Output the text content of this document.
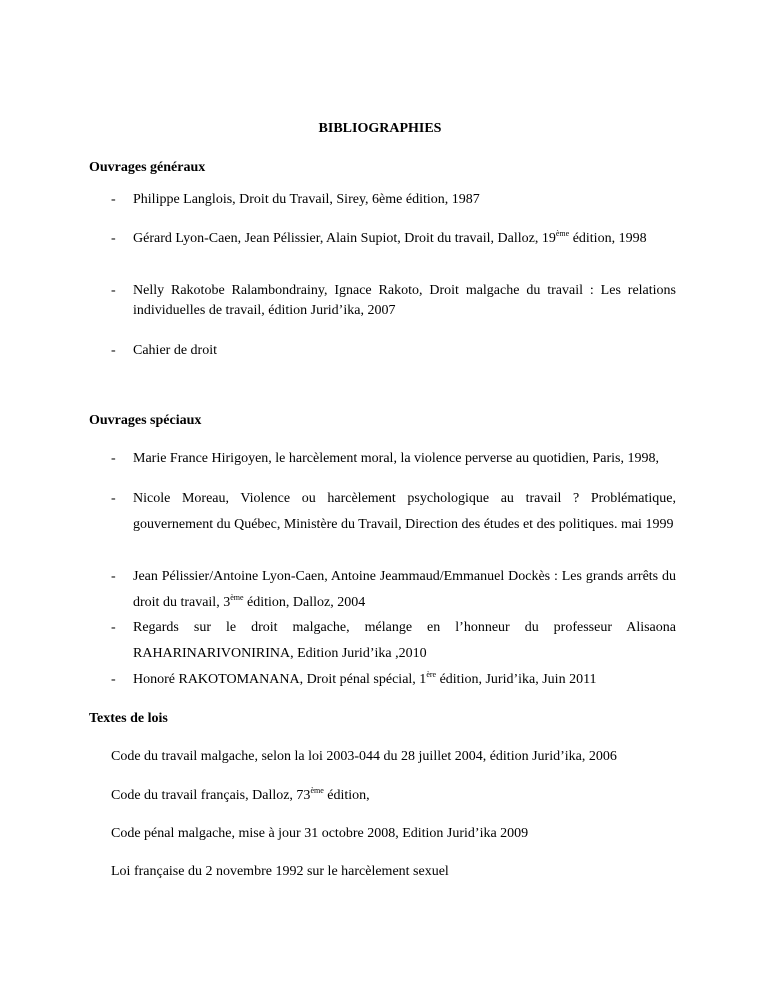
BIBLIOGRAPHIES
Ouvrages généraux
- Philippe Langlois, Droit du Travail, Sirey, 6ème édition, 1987
- Gérard Lyon-Caen, Jean Pélissier, Alain Supiot, Droit du travail, Dalloz, 19ème édition, 1998
- Nelly Rakotobe Ralambondrainy, Ignace Rakoto, Droit malgache du travail : Les relations individuelles de travail, édition Jurid’ika, 2007
- Cahier de droit
Ouvrages spéciaux
- Marie France Hirigoyen, le harcèlement moral, la violence perverse au quotidien, Paris, 1998,
- Nicole Moreau, Violence ou harcèlement psychologique au travail ? Problématique, gouvernement du Québec, Ministère du Travail, Direction des études et des politiques. mai 1999
- Jean Pélissier/Antoine Lyon-Caen, Antoine Jeammaud/Emmanuel Dockès : Les grands arrêts du droit du travail, 3ème édition, Dalloz, 2004
- Regards sur le droit malgache, mélange en l’honneur du professeur Alisaona RAHARINARIVONIRINA, Edition Jurid’ika ,2010
- Honoré RAKOTOMANANA, Droit pénal spécial, 1ère édition, Jurid’ika, Juin 2011
Textes de lois
Code du travail malgache, selon la loi 2003-044 du 28 juillet 2004, édition Jurid’ika, 2006
Code du travail français, Dalloz, 73ème édition,
Code pénal malgache, mise à jour 31 octobre 2008, Edition Jurid’ika 2009
Loi française du 2 novembre 1992 sur le harcèlement sexuel
